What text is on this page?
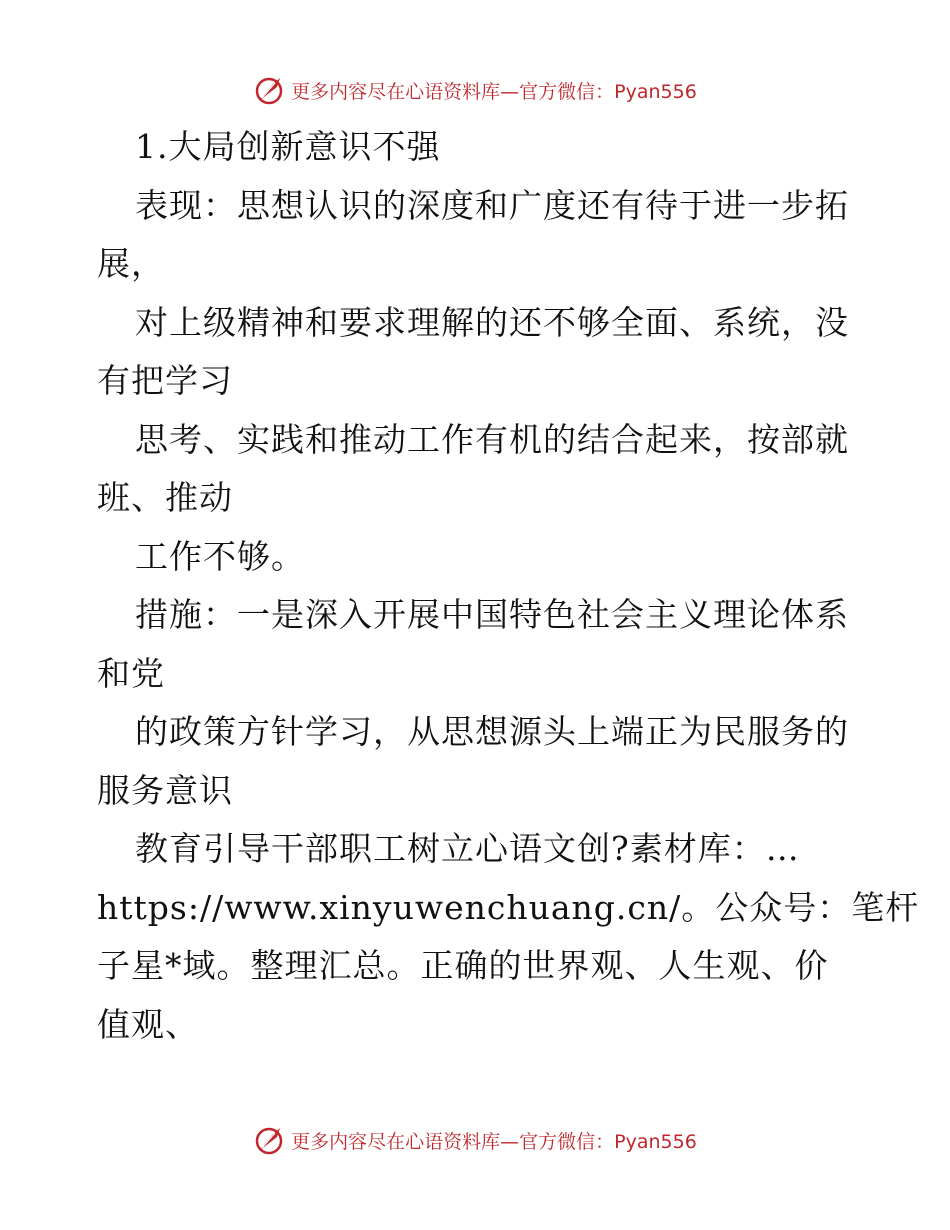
更多内容尽在心语资料库—官方微信：Pyan556
1.大局创新意识不强
表现：思想认识的深度和广度还有待于进一步拓
展，
对上级精神和要求理解的还不够全面、系统，没
有把学习
思考、实践和推动工作有机的结合起来，按部就
班、推动
工作不够。
措施：一是深入开展中国特色社会主义理论体系
和党
的政策方针学习，从思想源头上端正为民服务的
服务意识
教育引导干部职工树立心语文创?素材库：…
https://www.xinyuwenchuang.cn/。公众号：笔杆
子星*域。整理汇总。正确的世界观、人生观、价
值观、
更多内容尽在心语资料库—官方微信：Pyan556
